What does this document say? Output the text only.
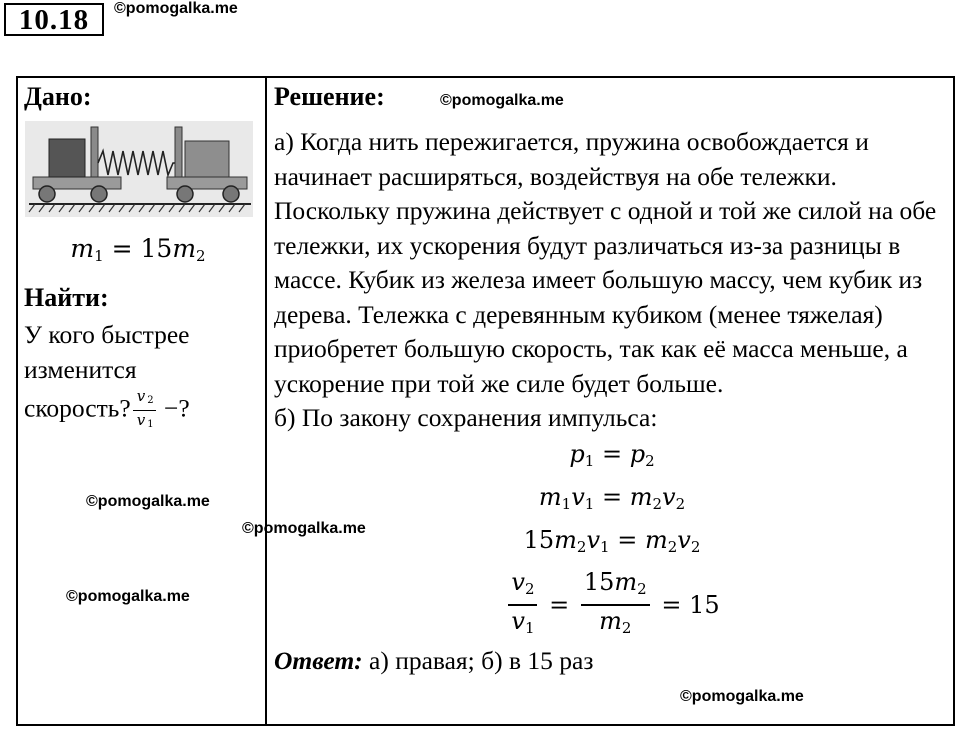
10.18	©pomogalka.me
Дано:
$m_1 = 15m_2$
Найти:
У кого быстрее
изменится
скорость? $\frac{v _2}{v _1}$ −?
Решение:
а) Когда нить пережигается, пружина освобождается и начинает расширяться, воздействуя на обе тележки. Поскольку пружина действует с одной и той же силой на обе тележки, их ускорения будут различаться из-за разницы в массе. Кубик из железа имеет большую массу, чем кубик из дерева. Тележка с деревянным кубиком (менее тяжелая) приобретет большую скорость, так как её масса меньше, а ускорение при той же силе будет больше.
б) По закону сохранения импульса:
$p_1 = p_2$
$m_1v_1 = m_2v_2$
$15m_2v_1 = m_2v_2$
$\frac{v_2}{v_1} = \frac{15m_2}{m_2} = 15$
Ответ: а) правая; б) в 15 раз
©pomogalka.me
©pomogalka.me
©pomogalka.me
©pomogalka.me
©pomogalka.me
